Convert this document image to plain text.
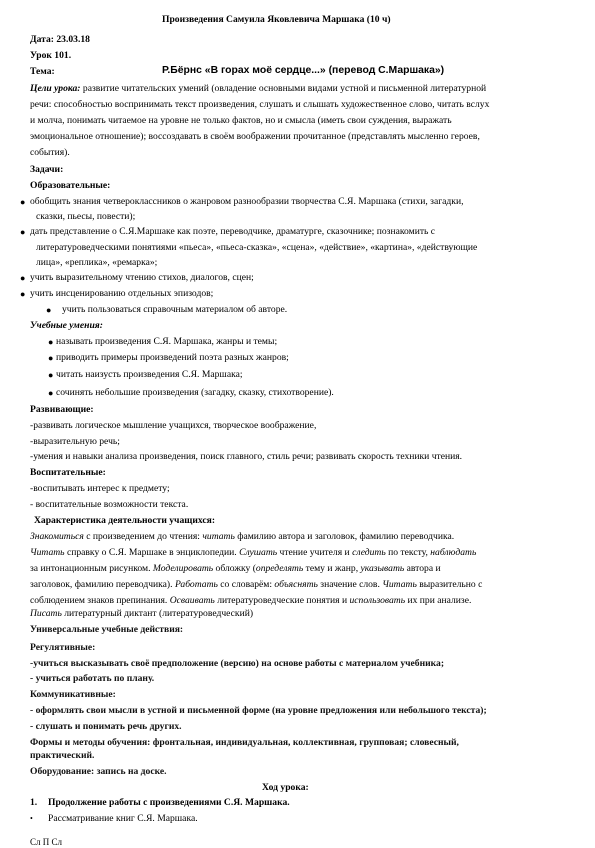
Произведения Самуила Яковлевича Маршака (10 ч)
Дата: 23.03.18
Урок 101.
Тема:	Р.Бёрнс «В горах моё сердце...» (перевод С.Маршака»)
Цели урока: развитие читательских умений (овладение основными видами устной и письменной литературной
речи: способностью воспринимать текст произведения, слушать и слышать художественное слово, читать вслух
и молча, понимать читаемое на уровне не только фактов, но и смысла (иметь свои суждения, выражать
эмоциональное отношение); воссоздавать в своём воображении прочитанное (представлять мысленно героев,
события).
Задачи:
Образовательные:
● обобщить знания четвероклассников о жанровом разнообразии творчества С.Я. Маршака (стихи, загадки,
сказки, пьесы, повести);
● дать представление о С.Я.Маршаке как поэте, переводчике, драматурге, сказочнике; познакомить с
литературоведческими понятиями «пьеса», «пьеса-сказка», «сцена», «действие», «картина», «действующие
лица», «реплика», «ремарка»;
● учить выразительному чтению стихов, диалогов, сцен;
● учить инсценированию отдельных эпизодов;
● учить пользоваться справочным материалом об авторе.
Учебные умения:
● называть произведения С.Я. Маршака, жанры и темы;
● приводить примеры произведений поэта разных жанров;
● читать наизусть произведения С.Я. Маршака;
● сочинять небольшие произведения (загадку, сказку, стихотворение).
Развивающие:
-развивать логическое мышление учащихся, творческое воображение,
-выразительную речь;
-умения и навыки анализа произведения, поиск главного, стиль речи; развивать скорость техники чтения.
Воспитательные:
-воспитывать интерес к предмету;
- воспитательные возможности текста.
Характеристика деятельности учащихся:
Знакомиться с произведением до чтения: читать фамилию автора и заголовок, фамилию переводчика.
Читать справку о С.Я. Маршаке в энциклопедии. Слушать чтение учителя и следить по тексту, наблюдать
за интонационным рисунком. Моделировать обложку (определять тему и жанр, указывать автора и
заголовок, фамилию переводчика). Работать со словарём: объяснять значение слов. Читать выразительно с
соблюдением знаков препинания. Осваивать литературоведческие понятия и использовать их при анализе.
Писать литературный диктант (литературоведческий)
Универсальные учебные действия:
Регулятивные:
-учиться высказывать своё предположение (версию) на основе работы с материалом учебника;
- учиться работать по плану.
Коммуникативные:
- оформлять свои мысли в устной и письменной форме (на уровне предложения или небольшого текста);
- слушать и понимать речь других.
Формы и методы обучения: фронтальная, индивидуальная, коллективная, групповая; словесный,
практический.
Оборудование: запись на доске.
Ход урока:
1. Продолжение работы с произведениями С.Я. Маршака.
• Рассматривание книг С.Я. Маршака.
Сл П Сл
